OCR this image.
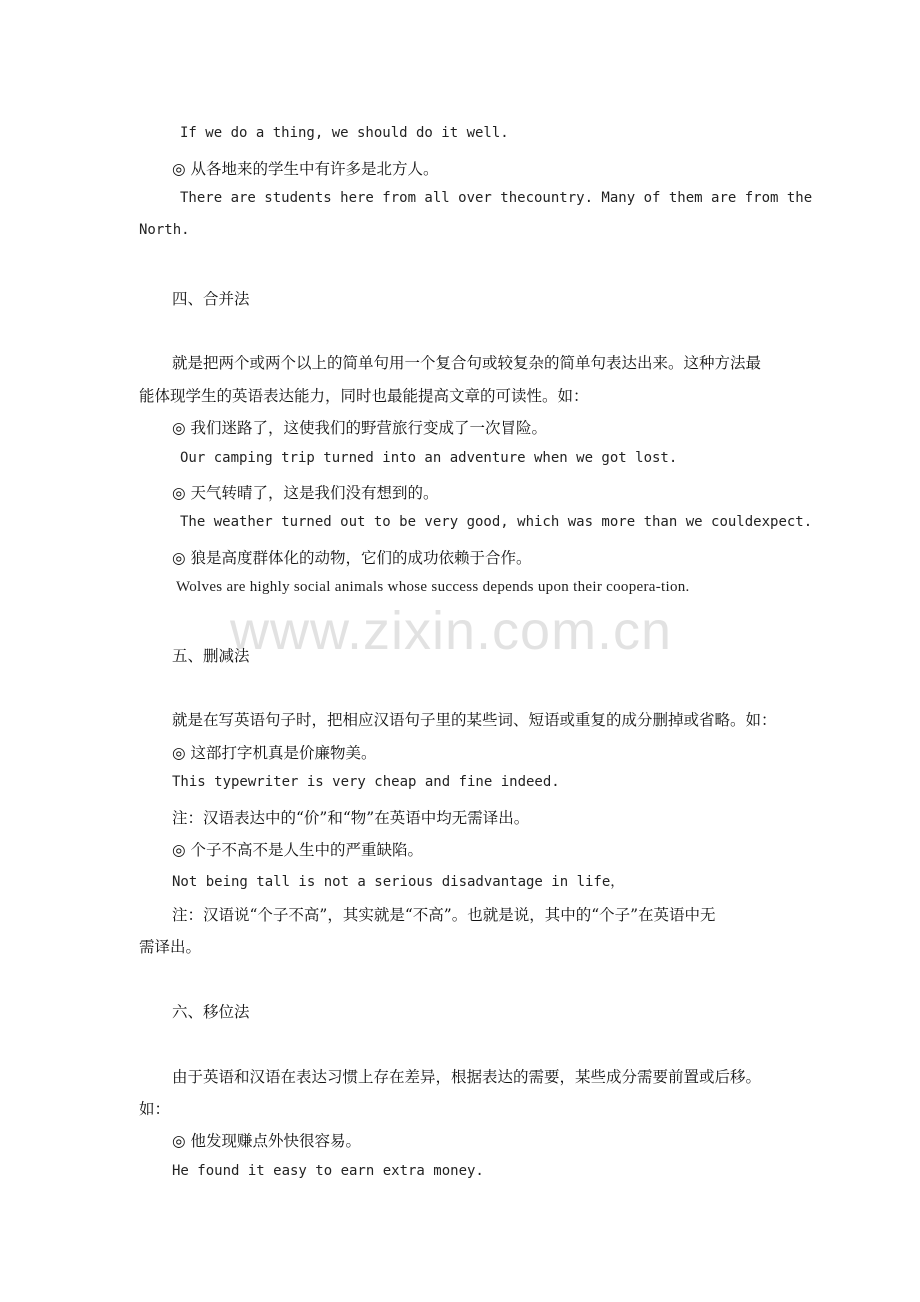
www.zixin.com.cn
If we do a thing, we should do it well.
◎ 从各地来的学生中有许多是北方人。
There are students here from all over thecountry. Many of them are from the
North.
四、合并法
就是把两个或两个以上的简单句用一个复合句或较复杂的简单句表达出来。这种方法最
能体现学生的英语表达能力，同时也最能提高文章的可读性。如：
◎ 我们迷路了，这使我们的野营旅行变成了一次冒险。
Our camping trip turned into an adventure when we got lost.
◎ 天气转晴了，这是我们没有想到的。
The weather turned out to be very good, which was more than we couldexpect.
◎ 狼是高度群体化的动物，它们的成功依赖于合作。
Wolves are highly social animals whose success depends upon their coopera-tion.
五、删减法
就是在写英语句子时，把相应汉语句子里的某些词、短语或重复的成分删掉或省略。如：
◎ 这部打字机真是价廉物美。
This typewriter is very cheap and fine indeed.
注：汉语表达中的“价”和“物”在英语中均无需译出。
◎ 个子不高不是人生中的严重缺陷。
Not being tall is not a serious disadvantage in life，
注：汉语说“个子不高”，其实就是“不高”。也就是说，其中的“个子”在英语中无
需译出。
六、移位法
由于英语和汉语在表达习惯上存在差异，根据表达的需要，某些成分需要前置或后移。
如：
◎ 他发现赚点外快很容易。
He found it easy to earn extra money.
